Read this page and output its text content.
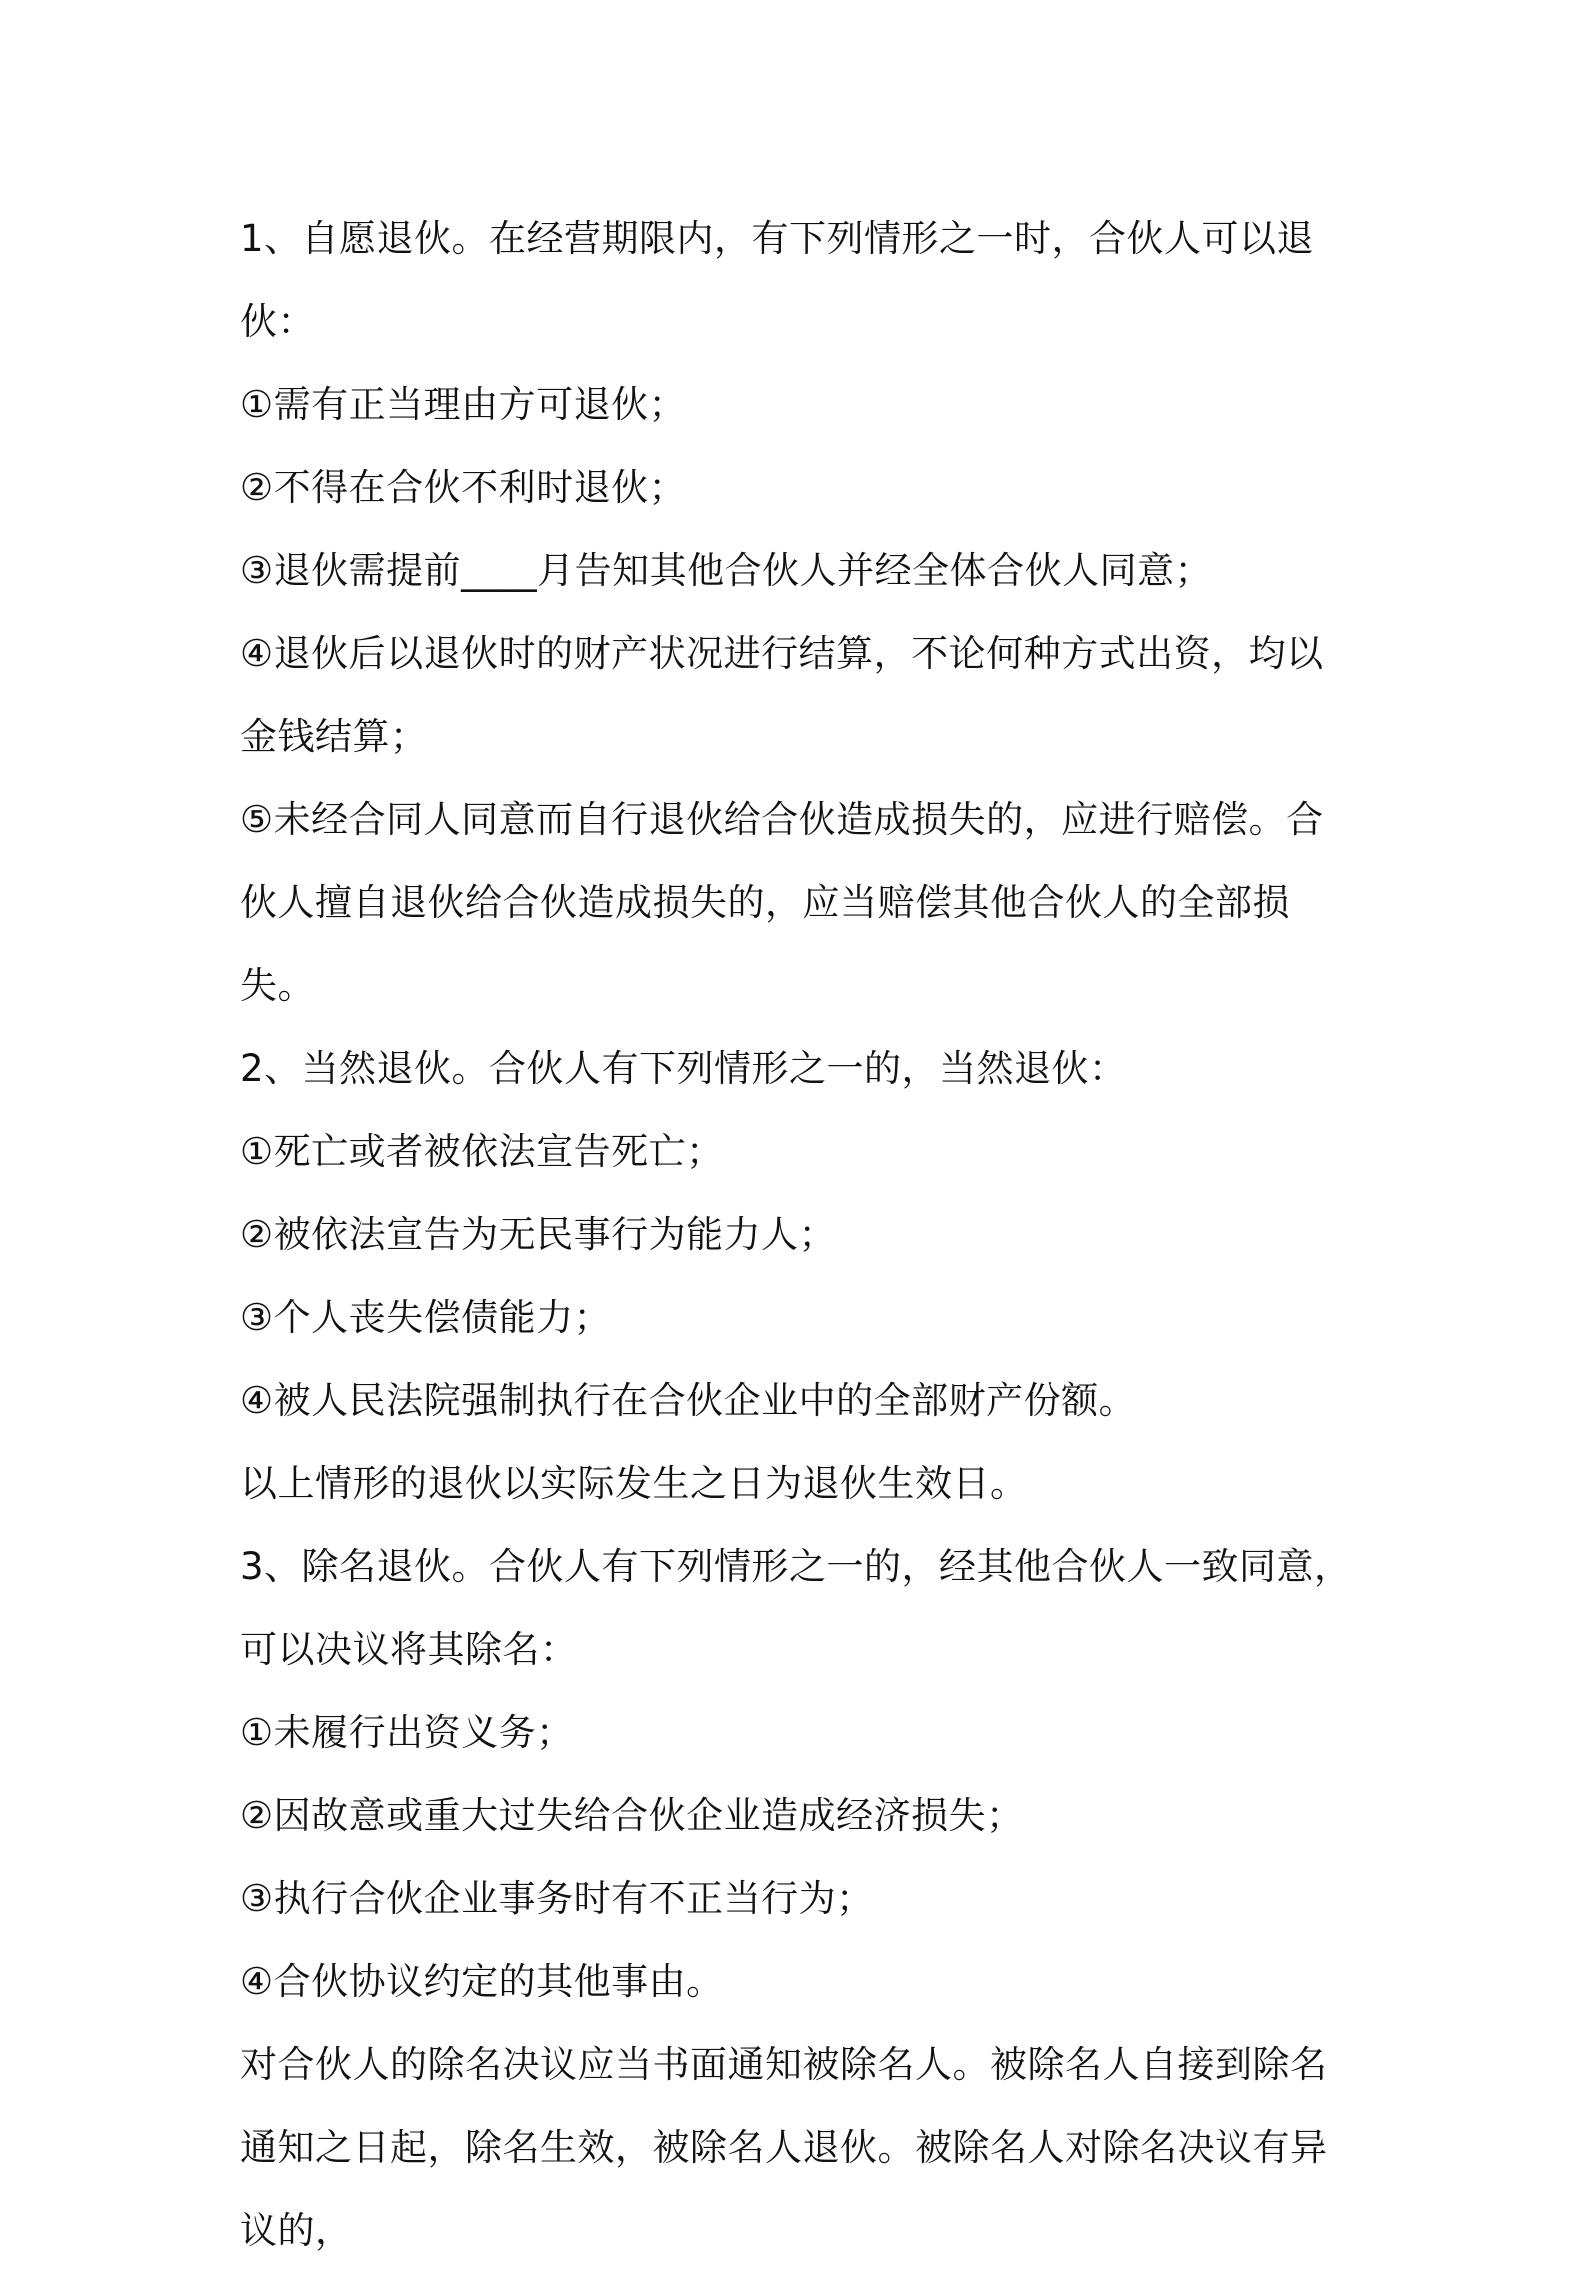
1、自愿退伙。在经营期限内，有下列情形之一时，合伙人可以退伙：

①需有正当理由方可退伙；

②不得在合伙不利时退伙；

③退伙需提前____月告知其他合伙人并经全体合伙人同意；

④退伙后以退伙时的财产状况进行结算，不论何种方式出资，均以金钱结算；

⑤未经合同人同意而自行退伙给合伙造成损失的，应进行赔偿。合伙人擅自退伙给合伙造成损失的，应当赔偿其他合伙人的全部损失。

2、当然退伙。合伙人有下列情形之一的，当然退伙：

①死亡或者被依法宣告死亡；

②被依法宣告为无民事行为能力人；

③个人丧失偿债能力；

④被人民法院强制执行在合伙企业中的全部财产份额。

以上情形的退伙以实际发生之日为退伙生效日。

3、除名退伙。合伙人有下列情形之一的，经其他合伙人一致同意，可以决议将其除名：

①未履行出资义务；

②因故意或重大过失给合伙企业造成经济损失；

③执行合伙企业事务时有不正当行为；

④合伙协议约定的其他事由。

对合伙人的除名决议应当书面通知被除名人。被除名人自接到除名通知之日起，除名生效，被除名人退伙。被除名人对除名决议有异议的，
